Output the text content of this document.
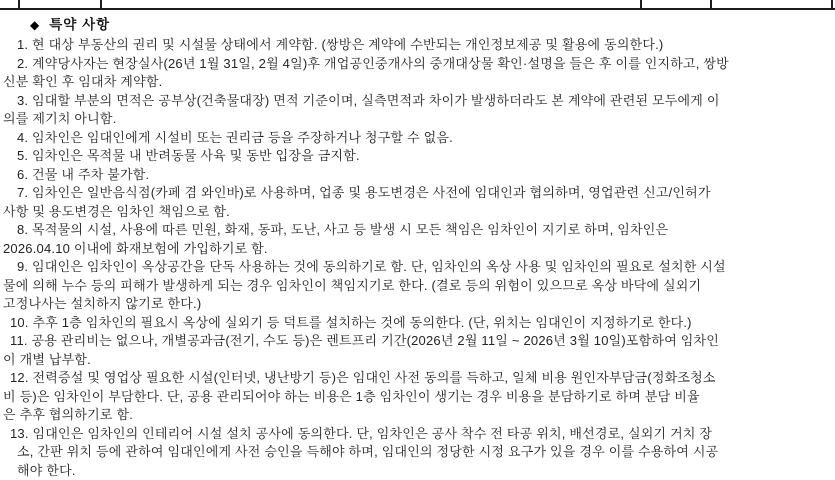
◆ 특약 사항
1. 현 대상 부동산의 권리 및 시설물 상태에서 계약함. (쌍방은 계약에 수반되는 개인정보제공 및 활용에 동의한다.)
2. 계약당사자는 현장실사(26년 1월 31일, 2월 4일)후 개업공인중개사의 중개대상물 확인·설명을 들은 후 이를 인지하고, 쌍방
신분 확인 후 임대차 계약함.
3. 임대할 부분의 면적은 공부상(건축물대장) 면적 기준이며, 실측면적과 차이가 발생하더라도 본 계약에 관련된 모두에게 이
의를 제기치 아니함.
4. 임차인은 임대인에게 시설비 또는 권리금 등을 주장하거나 청구할 수 없음.
5. 임차인은 목적물 내 반려동물 사육 및 동반 입장을 금지함.
6. 건물 내 주차 불가함.
7. 임차인은 일반음식점(카페 겸 와인바)로 사용하며, 업종 및 용도변경은 사전에 임대인과 협의하며, 영업관련 신고/인허가
사항 및 용도변경은 임차인 책임으로 함.
8. 목적물의 시설, 사용에 따른 민원, 화재, 동파, 도난, 사고 등 발생 시 모든 책임은 임차인이 지기로 하며, 임차인은
2026.04.10 이내에 화재보험에 가입하기로 함.
9. 임대인은 임차인이 옥상공간을 단독 사용하는 것에 동의하기로 함. 단, 임차인의 옥상 사용 및 임차인의 필요로 설치한 시설
물에 의해 누수 등의 피해가 발생하게 되는 경우 임차인이 책임지기로 한다. (결로 등의 위험이 있으므로 옥상 바닥에 실외기
고정나사는 설치하지 않기로 한다.)
10. 추후 1층 임차인의 필요시 옥상에 실외기 등 덕트를 설치하는 것에 동의한다. (단, 위치는 임대인이 지정하기로 한다.)
11. 공용 관리비는 없으나, 개별공과금(전기, 수도 등)은 렌트프리 기간(2026년 2월 11일 ~ 2026년 3월 10일)포함하여 임차인
이 개별 납부함.
12. 전력증설 및 영업상 필요한 시설(인터넷, 냉난방기 등)은 임대인 사전 동의를 득하고, 일체 비용 원인자부담금(정화조청소
비 등)은 임차인이 부담한다. 단, 공용 관리되어야 하는 비용은 1층 임차인이 생기는 경우 비용을 분담하기로 하며 분담 비율
은 추후 협의하기로 함.
13. 임대인은 임차인의 인테리어 시설 설치 공사에 동의한다. 단, 임차인은 공사 착수 전 타공 위치, 배선경로, 실외기 거치 장
소, 간판 위치 등에 관하여 임대인에게 사전 승인을 득해야 하며, 임대인의 정당한 시정 요구가 있을 경우 이를 수용하여 시공
해야 한다.
